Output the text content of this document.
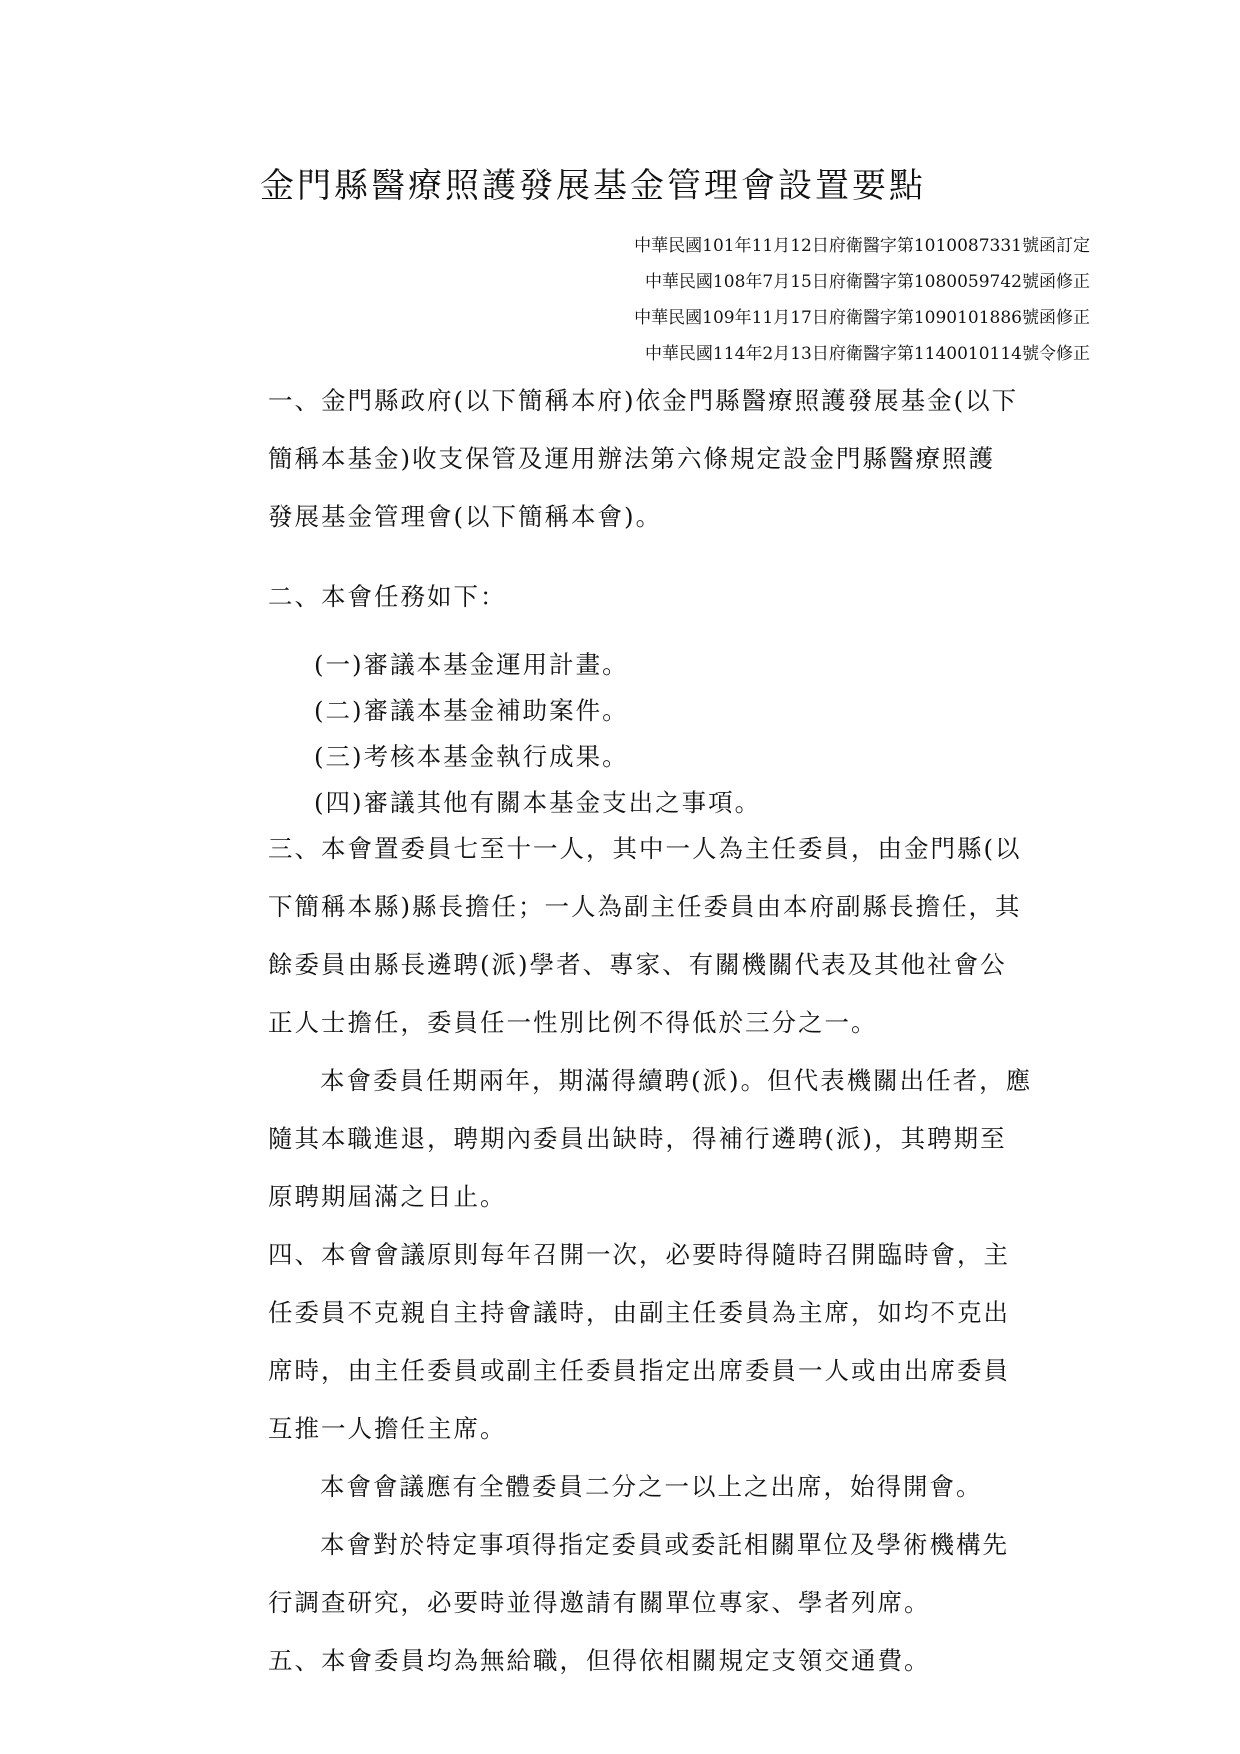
金門縣醫療照護發展基金管理會設置要點
中華民國101年11月12日府衛醫字第1010087331號函訂定
中華民國108年7月15日府衛醫字第1080059742號函修正
中華民國109年11月17日府衛醫字第1090101886號函修正
中華民國114年2月13日府衛醫字第1140010114號令修正
一、金門縣政府(以下簡稱本府)依金門縣醫療照護發展基金(以下
簡稱本基金)收支保管及運用辦法第六條規定設金門縣醫療照護
發展基金管理會(以下簡稱本會)。
二、本會任務如下：
(一)審議本基金運用計畫。
(二)審議本基金補助案件。
(三)考核本基金執行成果。
(四)審議其他有關本基金支出之事項。
三、本會置委員七至十一人，其中一人為主任委員，由金門縣(以
下簡稱本縣)縣長擔任；一人為副主任委員由本府副縣長擔任，其
餘委員由縣長遴聘(派)學者、專家、有關機關代表及其他社會公
正人士擔任，委員任一性別比例不得低於三分之一。
本會委員任期兩年，期滿得續聘(派)。但代表機關出任者，應
隨其本職進退，聘期內委員出缺時，得補行遴聘(派)，其聘期至
原聘期屆滿之日止。
四、本會會議原則每年召開一次，必要時得隨時召開臨時會，主
任委員不克親自主持會議時，由副主任委員為主席，如均不克出
席時，由主任委員或副主任委員指定出席委員一人或由出席委員
互推一人擔任主席。
本會會議應有全體委員二分之一以上之出席，始得開會。
本會對於特定事項得指定委員或委託相關單位及學術機構先
行調查研究，必要時並得邀請有關單位專家、學者列席。
五、本會委員均為無給職，但得依相關規定支領交通費。
